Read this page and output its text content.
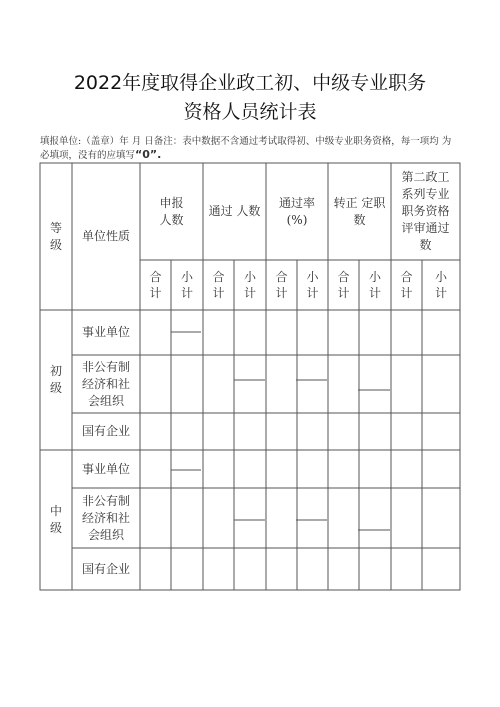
2022年度取得企业政工初、中级专业职务
资格人员统计表
填报单位:（盖章）年 月 日备注：表中数据不含通过考试取得初、中级专业职务资格，每一项均 为
必填项，没有的应填写“0”.
等
级
单位性质
申报
人数
通过 人数
通过率
(%)
转正 定职
数
第二政工
系列专业
职务资格
评审通过
数
合
计
小
计
合
计
小
计
合
计
小
计
合
计
小
计
合
计
小
计
初
级
事业单位
非公有制
经济和社
会组织
国有企业
中
级
事业单位
非公有制
经济和社
会组织
国有企业
